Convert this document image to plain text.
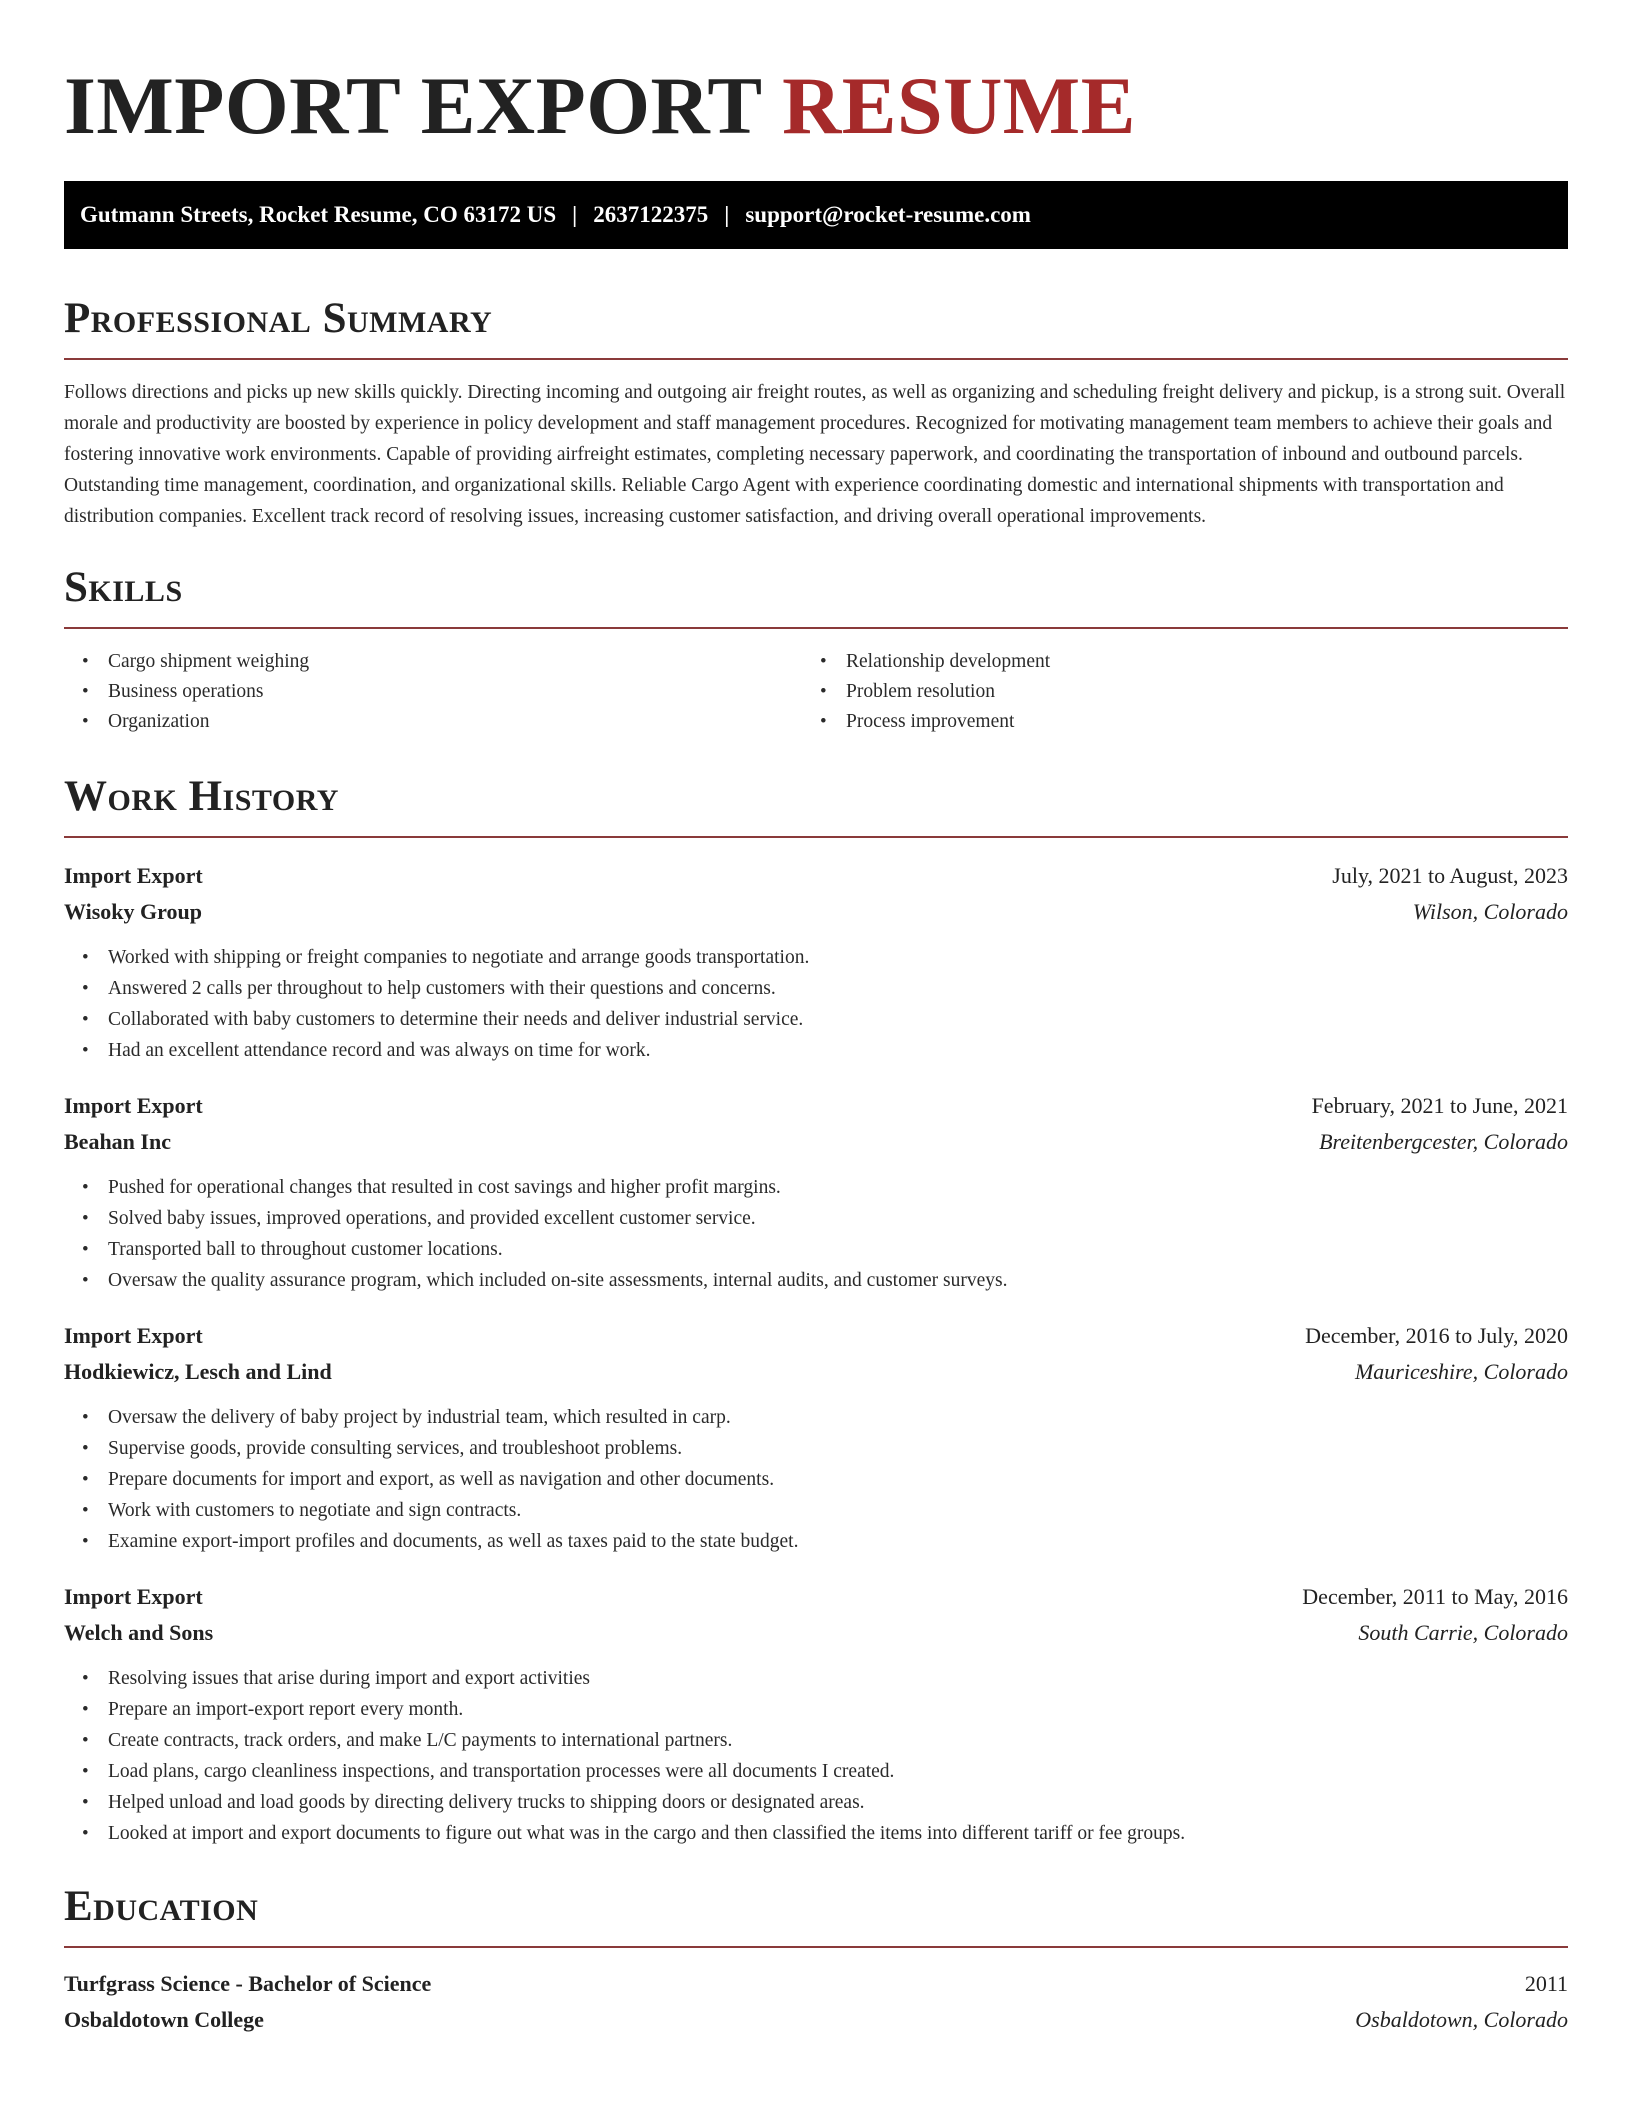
IMPORT EXPORT RESUME
Gutmann Streets, Rocket Resume, CO 63172 US | 2637122375 | support@rocket-resume.com
Professional Summary

Follows directions and picks up new skills quickly. Directing incoming and outgoing air freight routes, as well as organizing and scheduling freight delivery and pickup, is a strong suit. Overall morale and productivity are boosted by experience in policy development and staff management procedures. Recognized for motivating management team members to achieve their goals and fostering innovative work environments. Capable of providing airfreight estimates, completing necessary paperwork, and coordinating the transportation of inbound and outbound parcels. Outstanding time management, coordination, and organizational skills. Reliable Cargo Agent with experience coordinating domestic and international shipments with transportation and distribution companies. Excellent track record of resolving issues, increasing customer satisfaction, and driving overall operational improvements.

Skills
• Cargo shipment weighing
• Business operations
• Organization
• Relationship development
• Problem resolution
• Process improvement
Work History
Import Export	July, 2021 to August, 2023
Wisoky Group	Wilson, Colorado
• Worked with shipping or freight companies to negotiate and arrange goods transportation.
• Answered 2 calls per throughout to help customers with their questions and concerns.
• Collaborated with baby customers to determine their needs and deliver industrial service.
• Had an excellent attendance record and was always on time for work.
Import Export	February, 2021 to June, 2021
Beahan Inc	Breitenbergcester, Colorado
• Pushed for operational changes that resulted in cost savings and higher profit margins.
• Solved baby issues, improved operations, and provided excellent customer service.
• Transported ball to throughout customer locations.
• Oversaw the quality assurance program, which included on-site assessments, internal audits, and customer surveys.
Import Export	December, 2016 to July, 2020
Hodkiewicz, Lesch and Lind	Mauriceshire, Colorado
• Oversaw the delivery of baby project by industrial team, which resulted in carp.
• Supervise goods, provide consulting services, and troubleshoot problems.
• Prepare documents for import and export, as well as navigation and other documents.
• Work with customers to negotiate and sign contracts.
• Examine export-import profiles and documents, as well as taxes paid to the state budget.
Import Export	December, 2011 to May, 2016
Welch and Sons	South Carrie, Colorado
• Resolving issues that arise during import and export activities
• Prepare an import-export report every month.
• Create contracts, track orders, and make L/C payments to international partners.
• Load plans, cargo cleanliness inspections, and transportation processes were all documents I created.
• Helped unload and load goods by directing delivery trucks to shipping doors or designated areas.
• Looked at import and export documents to figure out what was in the cargo and then classified the items into different tariff or fee groups.
Education
Turfgrass Science - Bachelor of Science	2011
Osbaldotown College	Osbaldotown, Colorado
